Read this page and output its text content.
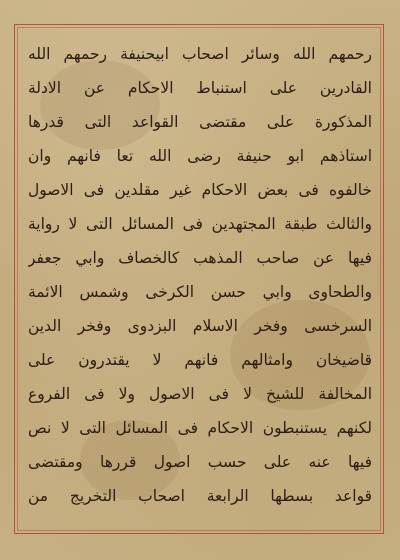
رحمهم الله وسائر اصحاب ابيحنيفة رحمهم الله
القادرين على استنباط الاحكام عن الادلة
المذكورة على مقتضى القواعد التى قدرها
استاذهم ابو حنيفة رضى الله تعا فانهم وان
خالفوه فى بعض الاحكام غير مقلدين فى الاصول
والثالث طبقة المجتهدين فى المسائل التى لا رواية
فيها عن صاحب المذهب كالخصاف وابي جعفر
والطحاوى وابي حسن الكرخى وشمس الائمة
السرخسى وفخر الاسلام البزدوى وفخر الدين
قاضيخان وامثالهم فانهم لا يقتدرون على
المخالفة للشيخ لا فى الاصول ولا فى الفروع
لكنهم يستنبطون الاحكام فى المسائل التى لا نص
فيها عنه على حسب اصول قررها ومقتضى
قواعد بسطها الرابعة اصحاب التخريج من
